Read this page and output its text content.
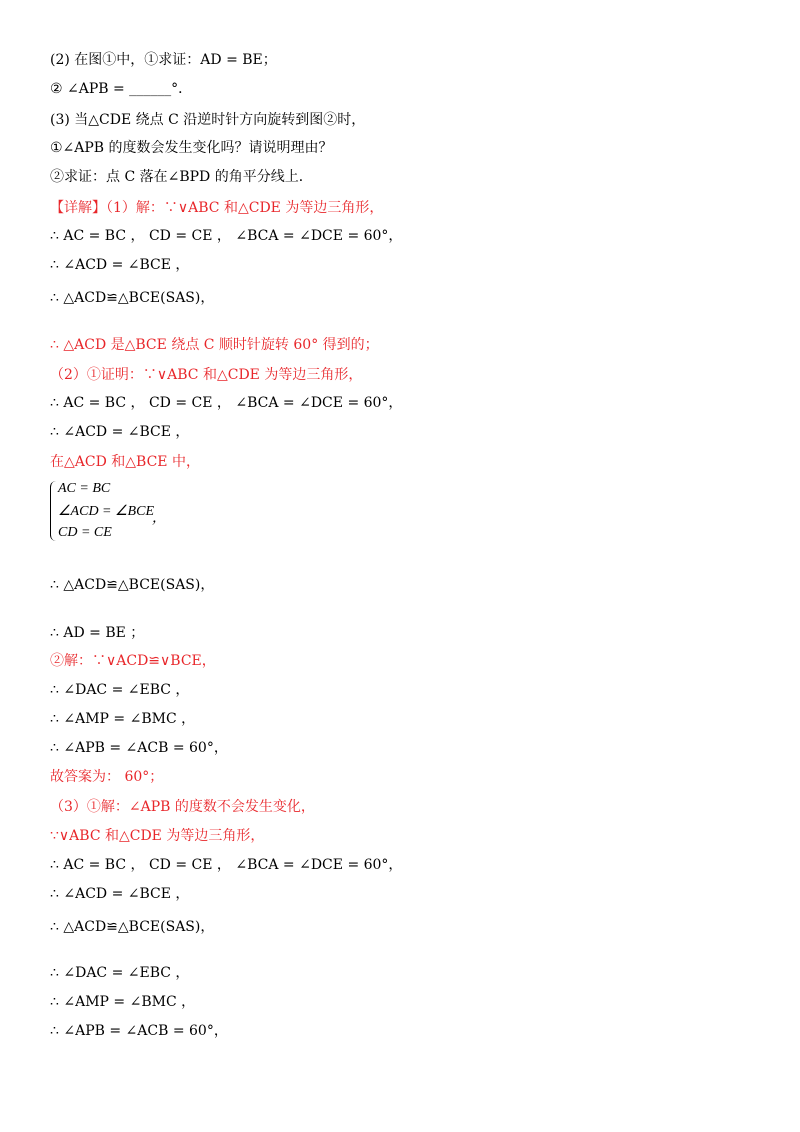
(2) 在图①中，①求证：AD = BE；
② ∠APB = ______°．
(3) 当△CDE 绕点 C 沿逆时针方向旋转到图②时，
①∠APB 的度数会发生变化吗？请说明理由？
②求证：点 C 落在∠BPD 的角平分线上．
【详解】（1）解：∵∨ABC 和△CDE 为等边三角形，
∴ AC = BC ， CD = CE ， ∠BCA = ∠DCE = 60°，
∴ ∠ACD = ∠BCE ，
∴ △ACD≌△BCE(SAS)，
∴ △ACD 是△BCE 绕点 C 顺时针旋转 60° 得到的；
（2）①证明：∵∨ABC 和△CDE 为等边三角形，
∴ AC = BC ， CD = CE ， ∠BCA = ∠DCE = 60°，
∴ ∠ACD = ∠BCE ，
在△ACD 和△BCE 中，
AC = BC
∠ACD = ∠BCE
CD = CE
，
∴ △ACD≌△BCE(SAS)，
∴ AD = BE ；
②解：∵∨ACD≌∨BCE，
∴ ∠DAC = ∠EBC ，
∴ ∠AMP = ∠BMC ，
∴ ∠APB = ∠ACB = 60°，
故答案为： 60°；
（3）①解：∠APB 的度数不会发生变化，
∵∨ABC 和△CDE 为等边三角形，
∴ AC = BC ， CD = CE ， ∠BCA = ∠DCE = 60°，
∴ ∠ACD = ∠BCE ，
∴ △ACD≌△BCE(SAS)，
∴ ∠DAC = ∠EBC ，
∴ ∠AMP = ∠BMC ，
∴ ∠APB = ∠ACB = 60°，
